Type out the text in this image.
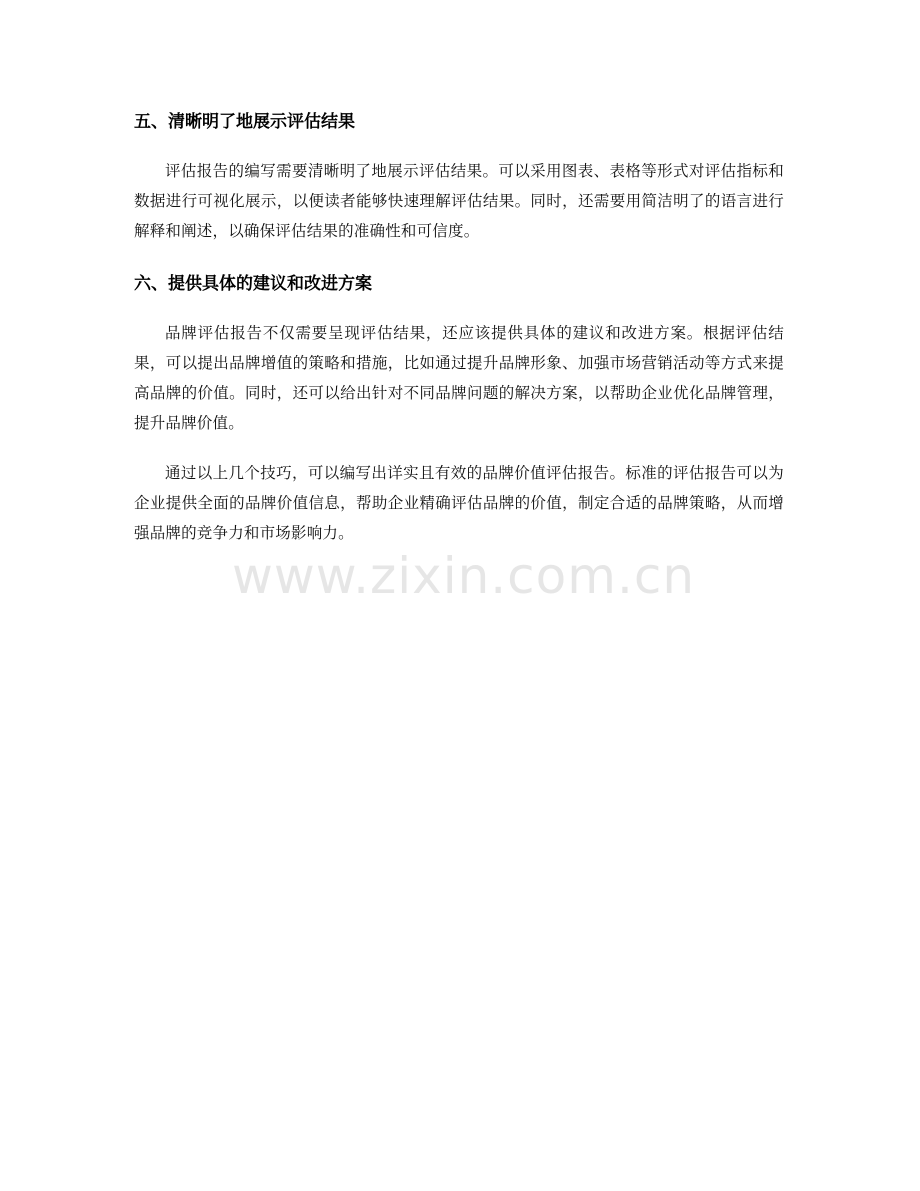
五、清晰明了地展示评估结果

评估报告的编写需要清晰明了地展示评估结果。可以采用图表、表格等形式对评估指标和数据进行可视化展示，以便读者能够快速理解评估结果。同时，还需要用简洁明了的语言进行解释和阐述，以确保评估结果的准确性和可信度。

六、提供具体的建议和改进方案

品牌评估报告不仅需要呈现评估结果，还应该提供具体的建议和改进方案。根据评估结果，可以提出品牌增值的策略和措施，比如通过提升品牌形象、加强市场营销活动等方式来提高品牌的价值。同时，还可以给出针对不同品牌问题的解决方案，以帮助企业优化品牌管理，提升品牌价值。

通过以上几个技巧，可以编写出详实且有效的品牌价值评估报告。标准的评估报告可以为企业提供全面的品牌价值信息，帮助企业精确评估品牌的价值，制定合适的品牌策略，从而增强品牌的竞争力和市场影响力。

www.zixin.com.cn
